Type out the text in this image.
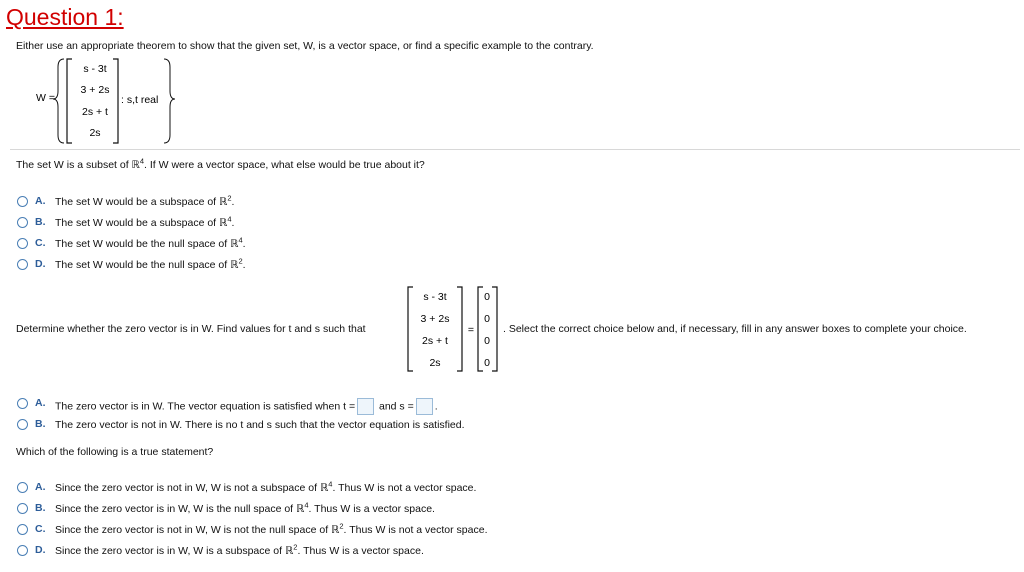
Question 1:
Either use an appropriate theorem to show that the given set, W, is a vector space, or find a specific example to the contrary.
W =
s - 3t
3 + 2s
2s + t
2s
: s,t real
The set W is a subset of ℝ$^4$. If W were a vector space, what else would be true about it?
A. The set W would be a subspace of ℝ$^2$.
B. The set W would be a subspace of ℝ$^4$.
C. The set W would be the null space of ℝ$^4$.
D. The set W would be the null space of ℝ$^2$.
Determine whether the zero vector is in W. Find values for t and s such that
s - 3t
3 + 2s
2s + t
2s
=
0
0
0
0
. Select the correct choice below and, if necessary, fill in any answer boxes to complete your choice.
A. The zero vector is in W. The vector equation is satisfied when t = and s = .
B. The zero vector is not in W. There is no t and s such that the vector equation is satisfied.
Which of the following is a true statement?
A. Since the zero vector is not in W, W is not a subspace of ℝ$^4$. Thus W is not a vector space.
B. Since the zero vector is in W, W is the null space of ℝ$^4$. Thus W is a vector space.
C. Since the zero vector is not in W, W is not the null space of ℝ$^2$. Thus W is not a vector space.
D. Since the zero vector is in W, W is a subspace of ℝ$^2$. Thus W is a vector space.
